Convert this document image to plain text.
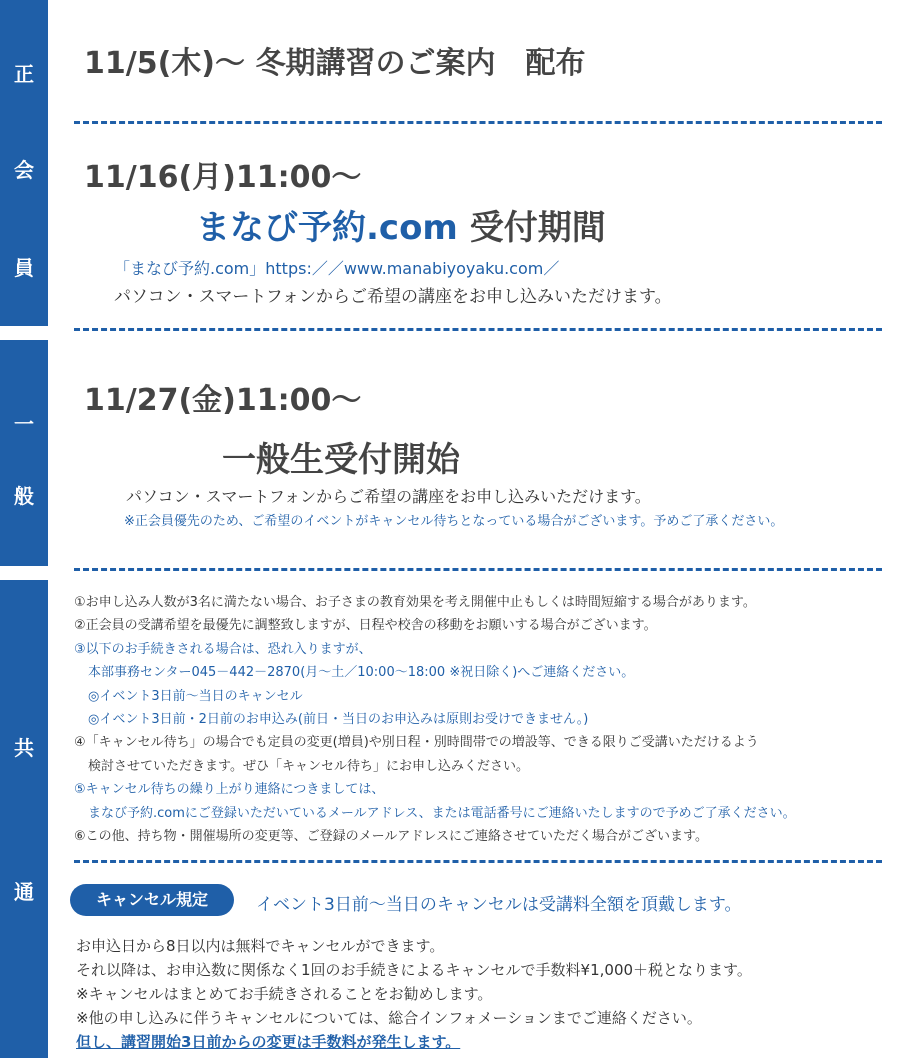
正
会
員
一
般
共
通
11/5(木)～ 冬期講習のご案内　配布
11/16(月)11:00～
まなび予約.com 受付期間
「まなび予約.com」https:／／www.manabiyoyaku.com／
パソコン・スマートフォンからご希望の講座をお申し込みいただけます。
11/27(金)11:00～
一般生受付開始
パソコン・スマートフォンからご希望の講座をお申し込みいただけます。
※正会員優先のため、ご希望のイベントがキャンセル待ちとなっている場合がございます。予めご了承ください。
①お申し込み人数が3名に満たない場合、お子さまの教育効果を考え開催中止もしくは時間短縮する場合があります。
②正会員の受講希望を最優先に調整致しますが、日程や校舎の移動をお願いする場合がございます。
③以下のお手続きされる場合は、恐れ入りますが、
本部事務センター045－442－2870(月～土／10:00～18:00 ※祝日除く)へご連絡ください。
◎イベント3日前～当日のキャンセル
◎イベント3日前・2日前のお申込み(前日・当日のお申込みは原則お受けできません。)
④「キャンセル待ち」の場合でも定員の変更(増員)や別日程・別時間帯での増設等、できる限りご受講いただけるよう
検討させていただきます。ぜひ「キャンセル待ち」にお申し込みください。
⑤キャンセル待ちの繰り上がり連絡につきましては、
まなび予約.comにご登録いただいているメールアドレス、または電話番号にご連絡いたしますので予めご了承ください。
⑥この他、持ち物・開催場所の変更等、ご登録のメールアドレスにご連絡させていただく場合がございます。
キャンセル規定	イベント3日前～当日のキャンセルは受講料全額を頂戴します。
お申込日から8日以内は無料でキャンセルができます。
それ以降は、お申込数に関係なく1回のお手続きによるキャンセルで手数料¥1,000＋税となります。
※キャンセルはまとめてお手続きされることをお勧めします。
※他の申し込みに伴うキャンセルについては、総合インフォメーションまでご連絡ください。
但し、講習開始3日前からの変更は手数料が発生します。
